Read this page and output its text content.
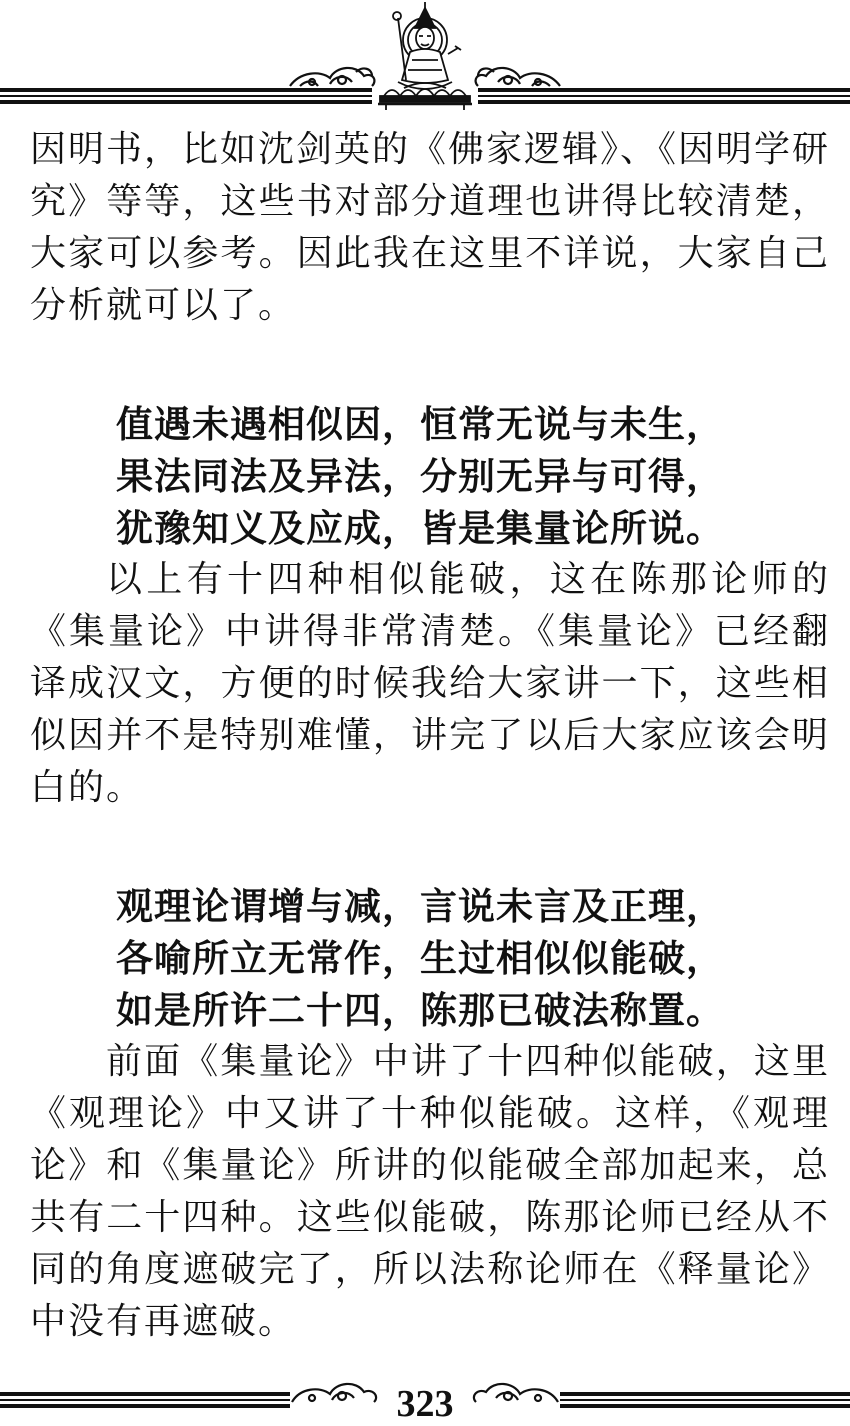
因明书，比如沈剑英的《佛家逻辑》、《因明学研究》等等，这些书对部分道理也讲得比较清楚，大家可以参考。因此我在这里不详说，大家自己分析就可以了。

值遇未遇相似因，恒常无说与未生，

果法同法及异法，分别无异与可得，

犹豫知义及应成，皆是集量论所说。

以上有十四种相似能破，这在陈那论师的《集量论》中讲得非常清楚。《集量论》已经翻译成汉文，方便的时候我给大家讲一下，这些相似因并不是特别难懂，讲完了以后大家应该会明白的。

观理论谓增与减，言说未言及正理，

各喻所立无常作，生过相似似能破，

如是所许二十四，陈那已破法称置。

前面《集量论》中讲了十四种似能破，这里《观理论》中又讲了十种似能破。这样，《观理论》和《集量论》所讲的似能破全部加起来，总共有二十四种。这些似能破，陈那论师已经从不同的角度遮破完了，所以法称论师在《释量论》中没有再遮破。

323
